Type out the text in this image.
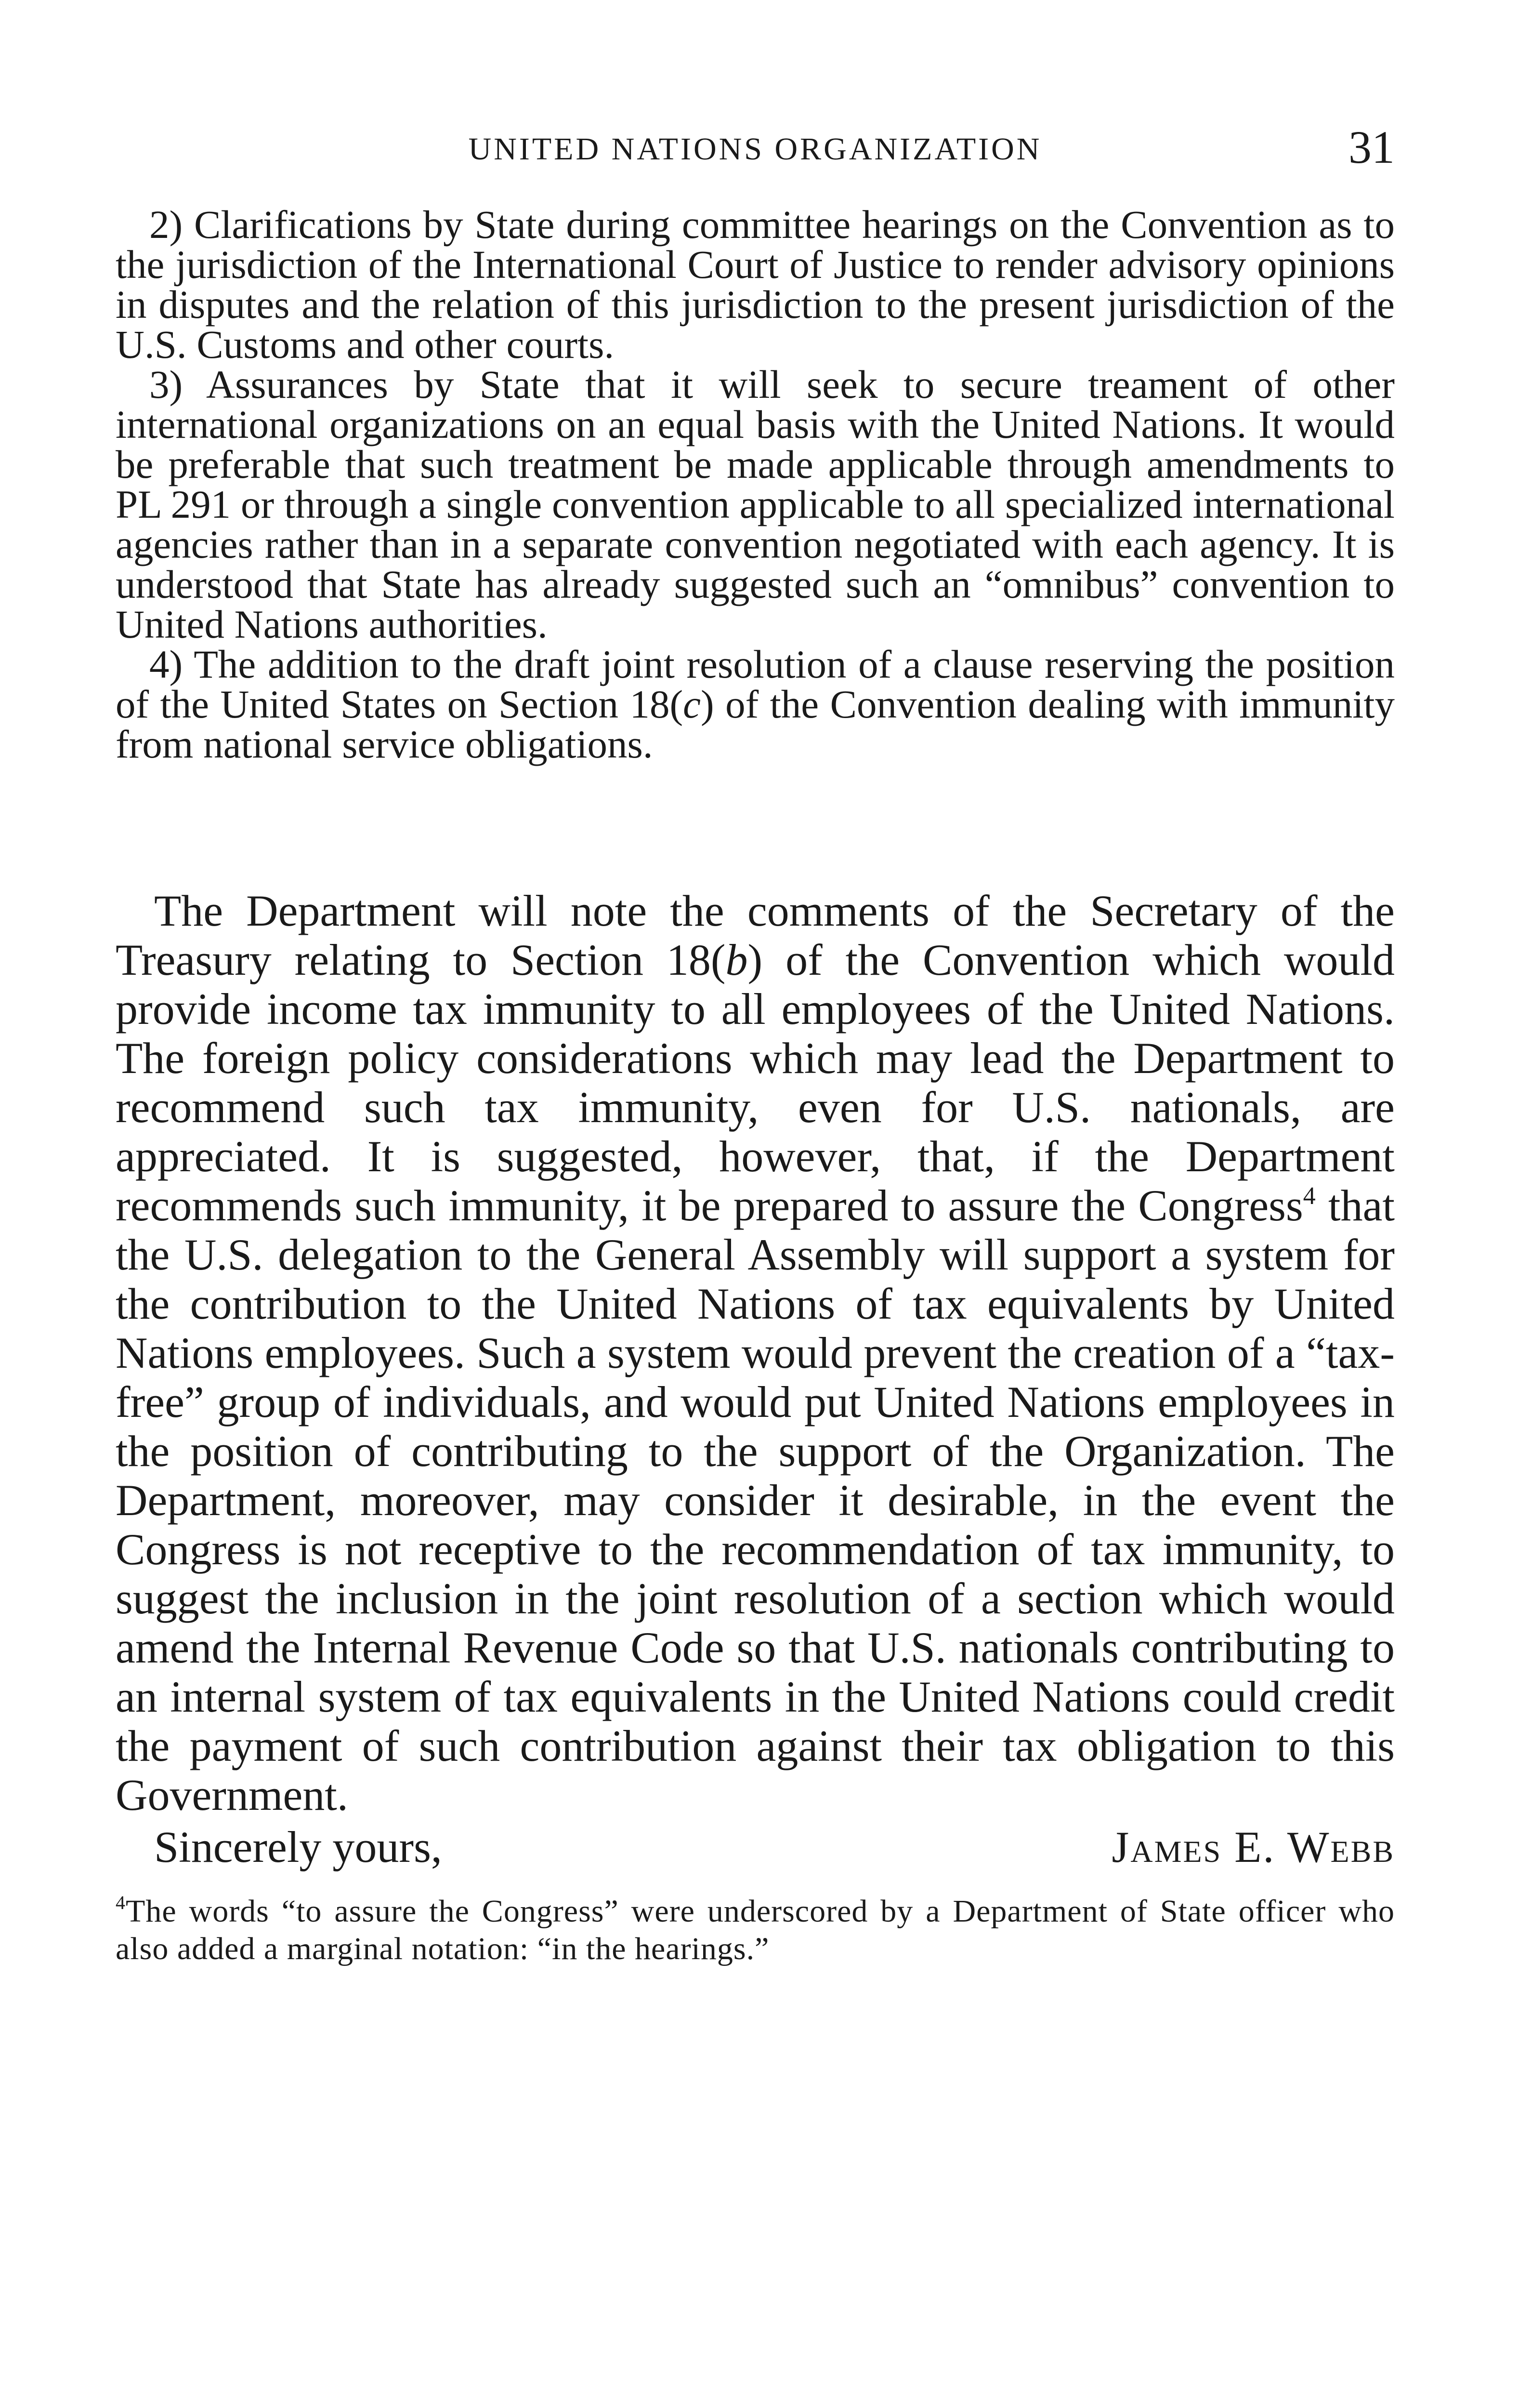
UNITED NATIONS ORGANIZATION	31

2) Clarifications by State during committee hearings on the Convention as to the jurisdiction of the International Court of Justice to render advisory opinions in disputes and the relation of this jurisdiction to the present jurisdiction of the U.S. Customs and other courts.

3) Assurances by State that it will seek to secure treament of other international organizations on an equal basis with the United Nations. It would be preferable that such treatment be made applicable through amendments to PL 291 or through a single convention applicable to all specialized international agencies rather than in a separate convention negotiated with each agency. It is understood that State has already suggested such an “omnibus” convention to United Nations authorities.

4) The addition to the draft joint resolution of a clause reserving the position of the United States on Section 18(c) of the Convention dealing with immunity from national service obligations.

The Department will note the comments of the Secretary of the Treasury relating to Section 18(b) of the Convention which would provide income tax immunity to all employees of the United Nations. The foreign policy considerations which may lead the Department to recommend such tax immunity, even for U.S. nationals, are appreciated. It is suggested, however, that, if the Department recommends such immunity, it be prepared to assure the Congress$^4$ that the U.S. delegation to the General Assembly will support a system for the contribution to the United Nations of tax equivalents by United Nations employees. Such a system would prevent the creation of a “tax-free” group of individuals, and would put United Nations employees in the position of contributing to the support of the Organization. The Department, moreover, may consider it desirable, in the event the Congress is not receptive to the recommendation of tax immunity, to suggest the inclusion in the joint resolution of a section which would amend the Internal Revenue Code so that U.S. nationals contributing to an internal system of tax equivalents in the United Nations could credit the payment of such contribution against their tax obligation to this Government.

Sincerely yours,	James E. Webb
$^4$The words “to assure the Congress” were underscored by a Department of State officer who also added a marginal notation: “in the hearings.”
